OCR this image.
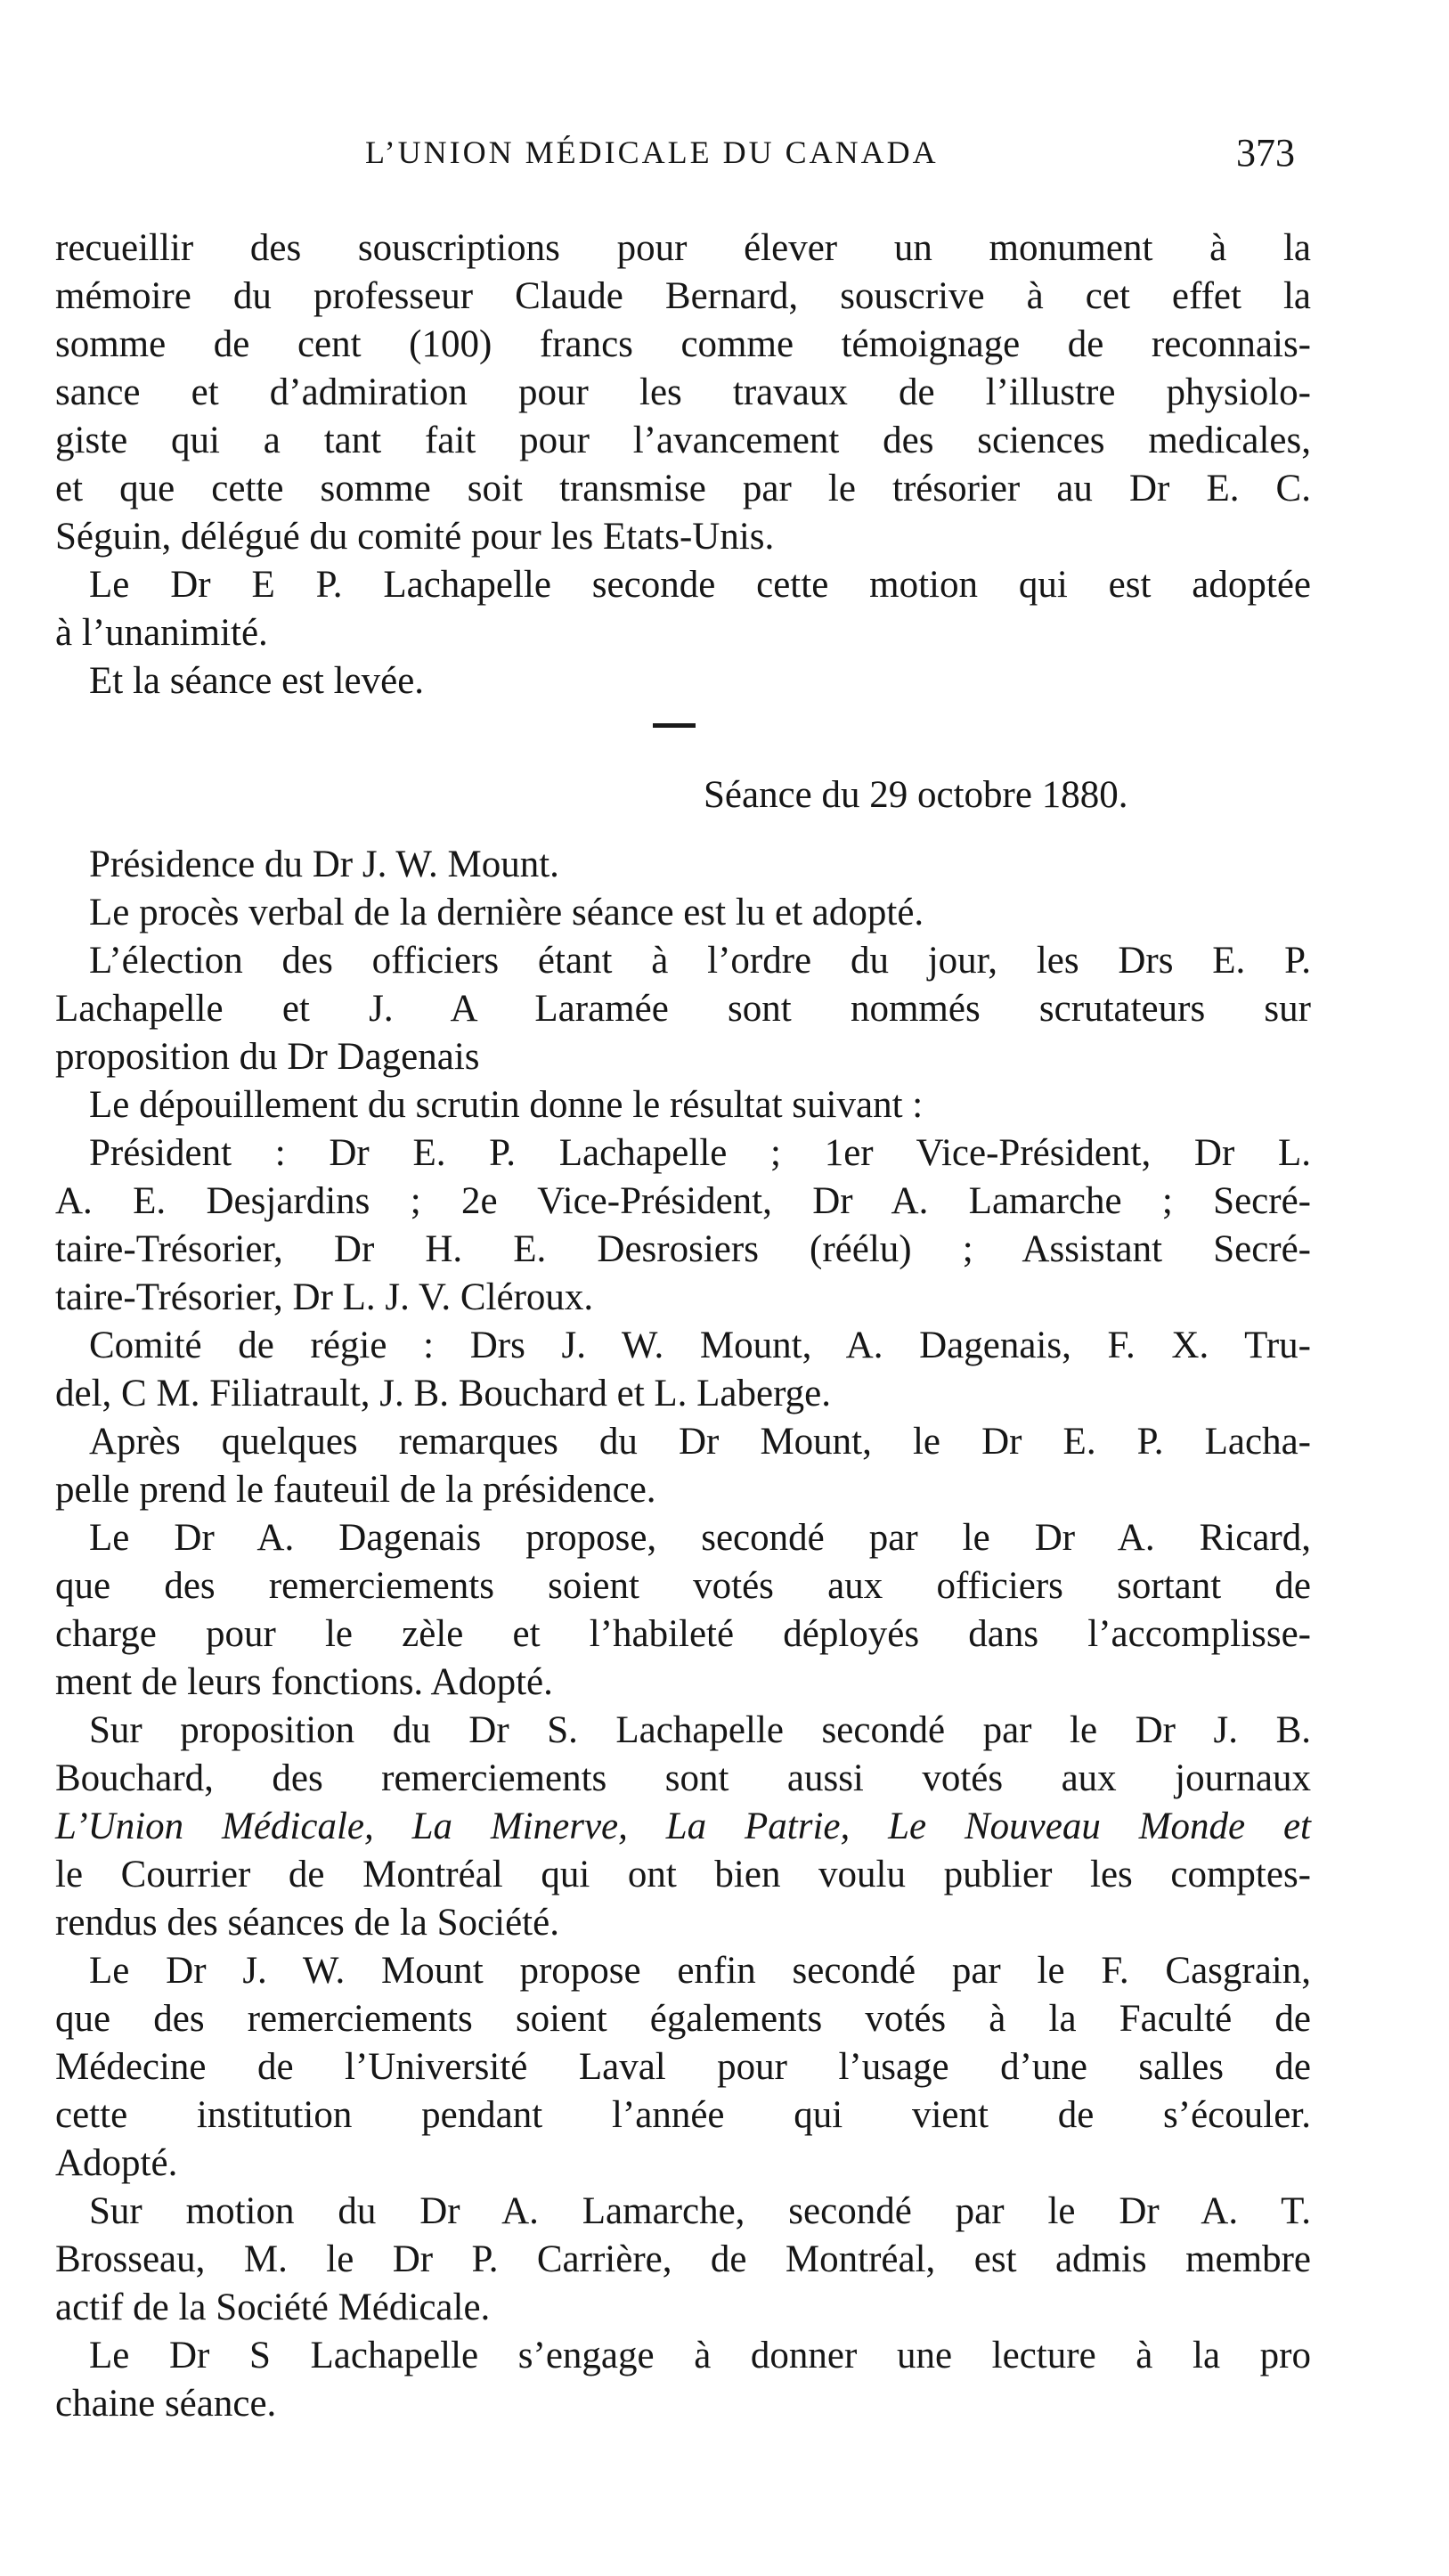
L’UNION MÉDICALE DU CANADA	373
recueillir des souscriptions pour élever un monument à la
mémoire du professeur Claude Bernard, souscrive à cet effet la
somme de cent (100) francs comme témoignage de reconnais-
sance et d’admiration pour les travaux de l’illustre physiolo-
giste qui a tant fait pour l’avancement des sciences medicales,
et que cette somme soit transmise par le trésorier au Dr E. C.
Séguin, délégué du comité pour les Etats-Unis.
Le Dr E P. Lachapelle seconde cette motion qui est adoptée
à l’unanimité.
Et la séance est levée.
Séance du 29 octobre 1880.
Présidence du Dr J. W. Mount.
Le procès verbal de la dernière séance est lu et adopté.
L’élection des officiers étant à l’ordre du jour, les Drs E. P.
Lachapelle et J. A Laramée sont nommés scrutateurs sur
proposition du Dr Dagenais
Le dépouillement du scrutin donne le résultat suivant :
Président : Dr E. P. Lachapelle ; 1er Vice-Président, Dr L.
A. E. Desjardins ; 2e Vice-Président, Dr A. Lamarche ; Secré-
taire-Trésorier, Dr H. E. Desrosiers (réélu) ; Assistant Secré-
taire-Trésorier, Dr L. J. V. Cléroux.
Comité de régie : Drs J. W. Mount, A. Dagenais, F. X. Tru-
del, C M. Filiatrault, J. B. Bouchard et L. Laberge.
Après quelques remarques du Dr Mount, le Dr E. P. Lacha-
pelle prend le fauteuil de la présidence.
Le Dr A. Dagenais propose, secondé par le Dr A. Ricard,
que des remerciements soient votés aux officiers sortant de
charge pour le zèle et l’habileté déployés dans l’accomplisse-
ment de leurs fonctions. Adopté.
Sur proposition du Dr S. Lachapelle secondé par le Dr J. B.
Bouchard, des remerciements sont aussi votés aux journaux
L’Union Médicale, La Minerve, La Patrie, Le Nouveau Monde et
le Courrier de Montréal qui ont bien voulu publier les comptes-
rendus des séances de la Société.
Le Dr J. W. Mount propose enfin secondé par le F. Casgrain,
que des remerciements soient égalements votés à la Faculté de
Médecine de l’Université Laval pour l’usage d’une salles de
cette institution pendant l’année qui vient de s’écouler.
Adopté.
Sur motion du Dr A. Lamarche, secondé par le Dr A. T.
Brosseau, M. le Dr P. Carrière, de Montréal, est admis membre
actif de la Société Médicale.
Le Dr S Lachapelle s’engage à donner une lecture à la pro
chaine séance.
